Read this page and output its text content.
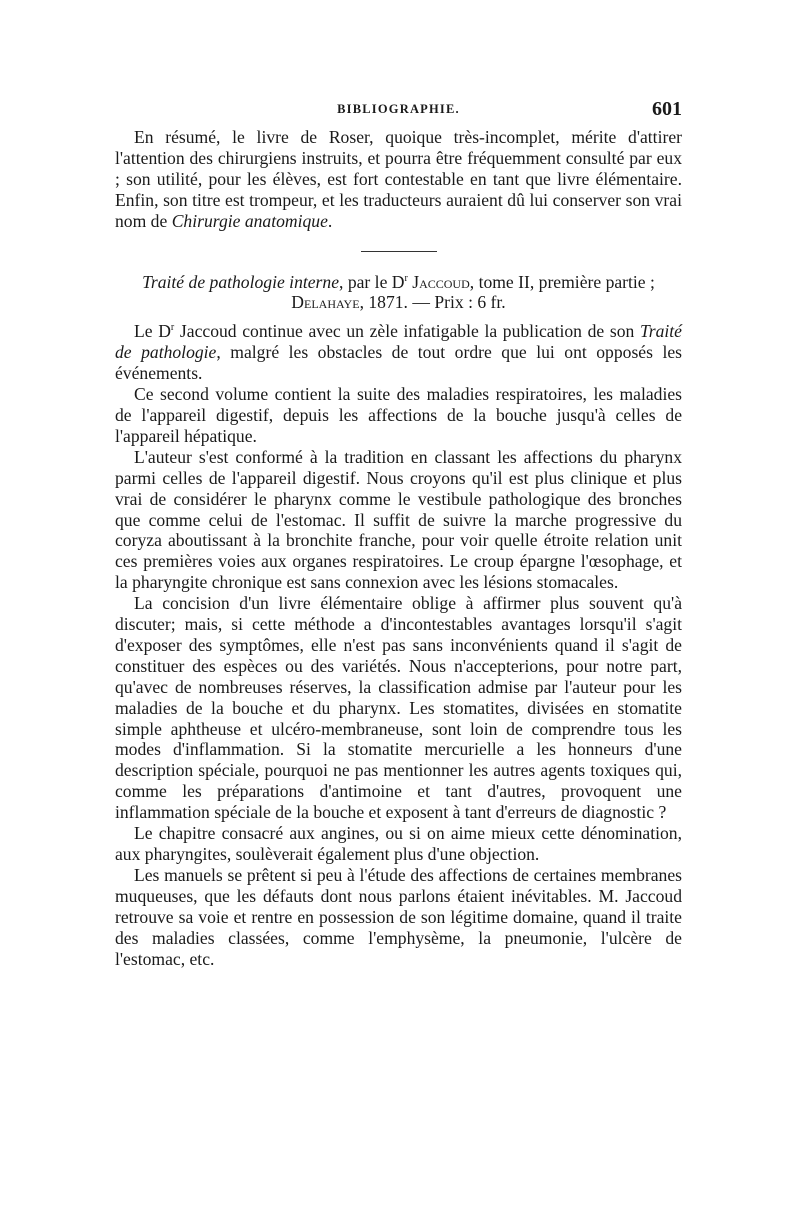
BIBLIOGRAPHIE.	601

En résumé, le livre de Roser, quoique très-incomplet, mérite d'attirer l'attention des chirurgiens instruits, et pourra être fréquemment consulté par eux ; son utilité, pour les élèves, est fort contestable en tant que livre élémentaire. Enfin, son titre est trompeur, et les traducteurs auraient dû lui conserver son vrai nom de Chirurgie anatomique.

Traité de pathologie interne, par le $D^r$ Jaccoud, tome II, première partie ; Delahaye, 1871. — Prix : 6 fr.

Le $D^r$ Jaccoud continue avec un zèle infatigable la publication de son Traité de pathologie, malgré les obstacles de tout ordre que lui ont opposés les événements.

Ce second volume contient la suite des maladies respiratoires, les maladies de l'appareil digestif, depuis les affections de la bouche jusqu'à celles de l'appareil hépatique.

L'auteur s'est conformé à la tradition en classant les affections du pharynx parmi celles de l'appareil digestif. Nous croyons qu'il est plus clinique et plus vrai de considérer le pharynx comme le vestibule pathologique des bronches que comme celui de l'estomac. Il suffit de suivre la marche progressive du coryza aboutissant à la bronchite franche, pour voir quelle étroite relation unit ces premières voies aux organes respiratoires. Le croup épargne l'œsophage, et la pharyngite chronique est sans connexion avec les lésions stomacales.

La concision d'un livre élémentaire oblige à affirmer plus souvent qu'à discuter; mais, si cette méthode a d'incontestables avantages lorsqu'il s'agit d'exposer des symptômes, elle n'est pas sans inconvénients quand il s'agit de constituer des espèces ou des variétés. Nous n'accepterions, pour notre part, qu'avec de nombreuses réserves, la classification admise par l'auteur pour les maladies de la bouche et du pharynx. Les stomatites, divisées en stomatite simple aphtheuse et ulcéro-membraneuse, sont loin de comprendre tous les modes d'inflammation. Si la stomatite mercurielle a les honneurs d'une description spéciale, pourquoi ne pas mentionner les autres agents toxiques qui, comme les préparations d'antimoine et tant d'autres, provoquent une inflammation spéciale de la bouche et exposent à tant d'erreurs de diagnostic ?

Le chapitre consacré aux angines, ou si on aime mieux cette dénomination, aux pharyngites, soulèverait également plus d'une objection.

Les manuels se prêtent si peu à l'étude des affections de certaines membranes muqueuses, que les défauts dont nous parlons étaient inévitables. M. Jaccoud retrouve sa voie et rentre en possession de son légitime domaine, quand il traite des maladies classées, comme l'emphysème, la pneumonie, l'ulcère de l'estomac, etc.
